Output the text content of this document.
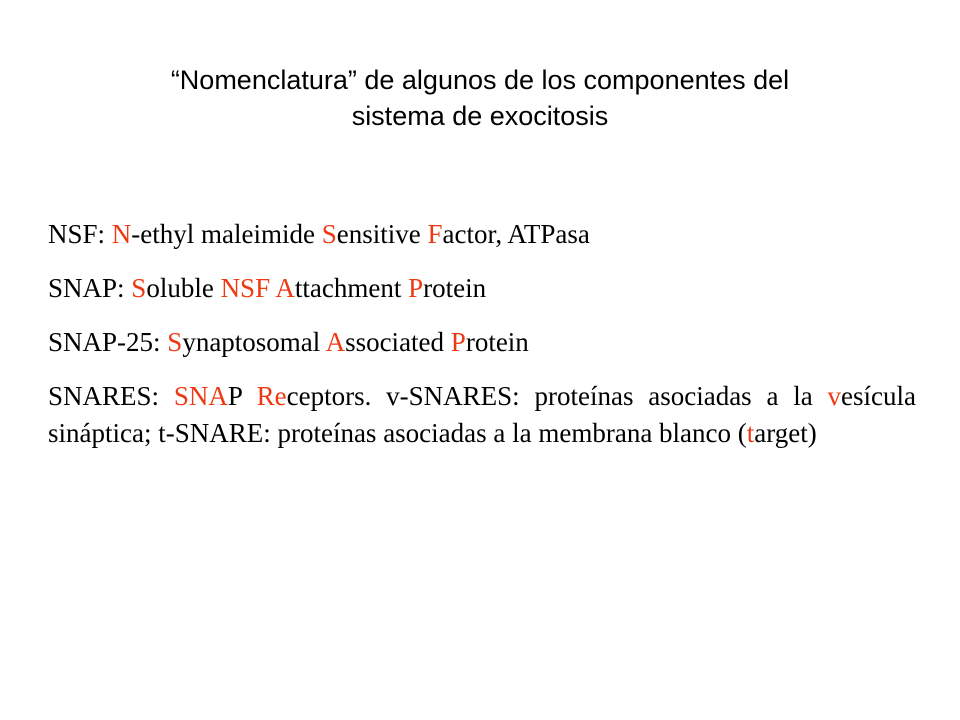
“Nomenclatura” de algunos de los componentes del
sistema de exocitosis

NSF: N-ethyl maleimide Sensitive Factor, ATPasa

SNAP: Soluble NSF Attachment Protein

SNAP-25: Synaptosomal Associated Protein

SNARES: SNAP Receptors. v-SNARES: proteínas asociadas a la vesícula sináptica; t-SNARE: proteínas asociadas a la membrana blanco (target)
